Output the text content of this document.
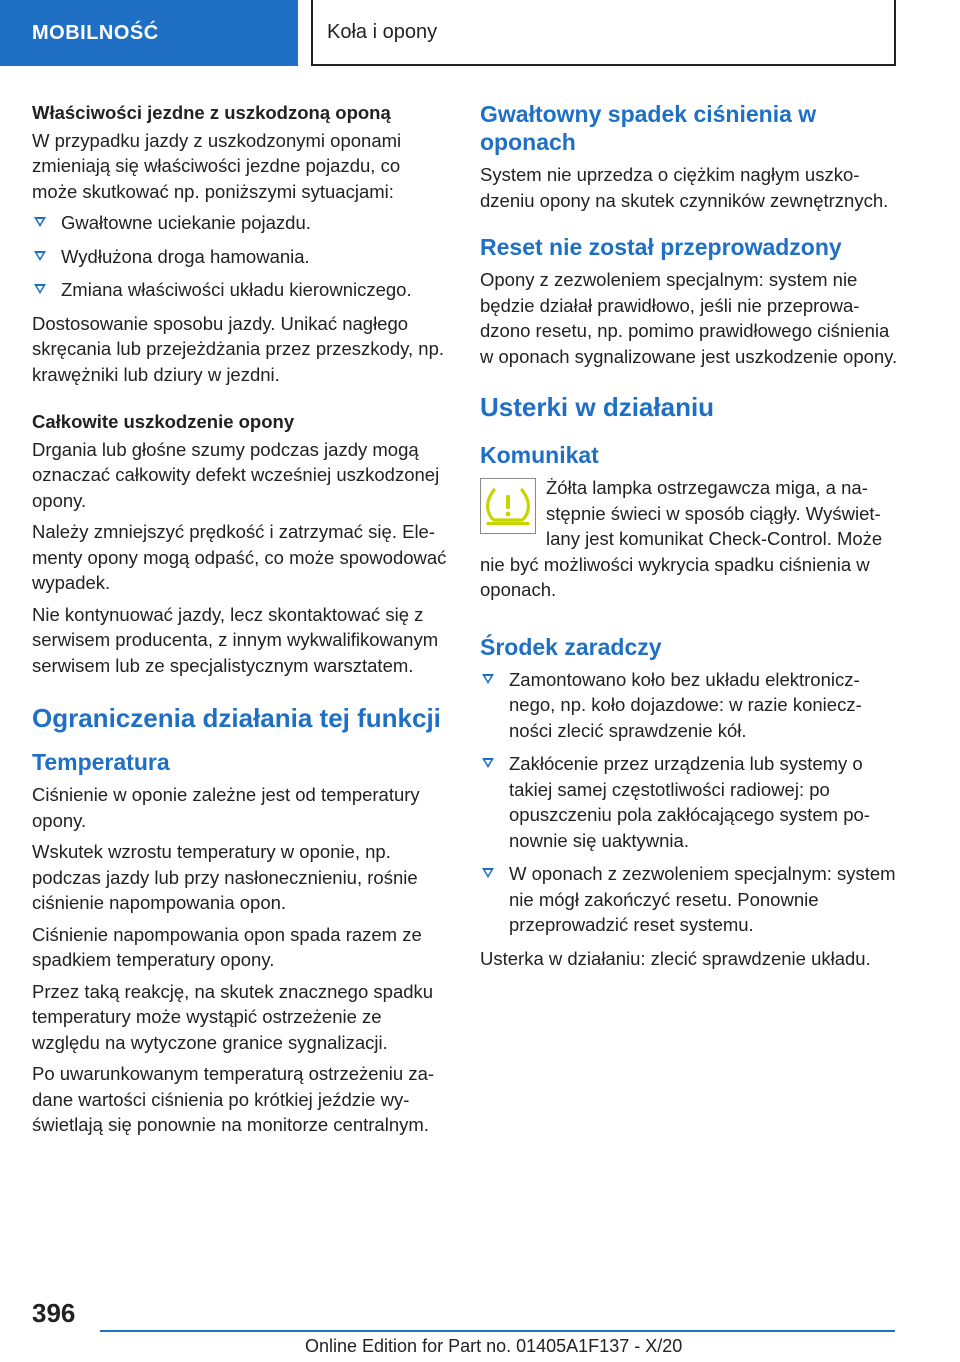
MOBILNOŚĆ	Koła i opony

Właściwości jezdne z uszkodzoną oponą

W przypadku jazdy z uszkodzonymi oponami zmieniają się właściwości jezdne pojazdu, co może skutkować np. poniższymi sytuacjami:

Gwałtowne uciekanie pojazdu.
Wydłużona droga hamowania.
Zmiana właściwości układu kierowniczego.

Dostosowanie sposobu jazdy. Unikać nagłego skręcania lub przejeżdżania przez przeszkody, np. krawężniki lub dziury w jezdni.

Całkowite uszkodzenie opony

Drgania lub głośne szumy podczas jazdy mogą oznaczać całkowity defekt wcześniej uszkodzonej opony.

Należy zmniejszyć prędkość i zatrzymać się. Elementy opony mogą odpaść, co może spowodować wypadek.

Nie kontynuować jazdy, lecz skontaktować się z serwisem producenta, z innym wykwalifikowanym serwisem lub ze specjalistycznym warsztatem.

Ograniczenia działania tej funkcji
Temperatura

Ciśnienie w oponie zależne jest od temperatury opony.

Wskutek wzrostu temperatury w oponie, np. podczas jazdy lub przy nasłonecznieniu, rośnie ciśnienie napompowania opon.

Ciśnienie napompowania opon spada razem ze spadkiem temperatury opony.

Przez taką reakcję, na skutek znacznego spadku temperatury może wystąpić ostrzeżenie ze względu na wytyczone granice sygnalizacji.

Po uwarunkowanym temperaturą ostrzeżeniu zadane wartości ciśnienia po krótkiej jeździe wyświetlają się ponownie na monitorze centralnym.

Gwałtowny spadek ciśnienia w oponach

System nie uprzedza o ciężkim nagłym uszkodzeniu opony na skutek czynników zewnętrznych.

Reset nie został przeprowadzony

Opony z zezwoleniem specjalnym: system nie będzie działał prawidłowo, jeśli nie przeprowadzono resetu, np. pomimo prawidłowego ciśnienia w oponach sygnalizowane jest uszkodzenie opony.

Usterki w działaniu
Komunikat

Żółta lampka ostrzegawcza miga, a następnie świeci w sposób ciągły. Wyświetlany jest komunikat Check-Control. Może nie być możliwości wykrycia spadku ciśnienia w oponach.

Środek zaradczy
Zamontowano koło bez układu elektronicznego, np. koło dojazdowe: w razie konieczności zlecić sprawdzenie kół.
Zakłócenie przez urządzenia lub systemy o takiej samej częstotliwości radiowej: po opuszczeniu pola zakłócającego system ponownie się uaktywnia.
W oponach z zezwoleniem specjalnym: system nie mógł zakończyć resetu. Ponownie przeprowadzić reset systemu.

Usterka w działaniu: zlecić sprawdzenie układu.

396
Online Edition for Part no. 01405A1F137 - X/20
